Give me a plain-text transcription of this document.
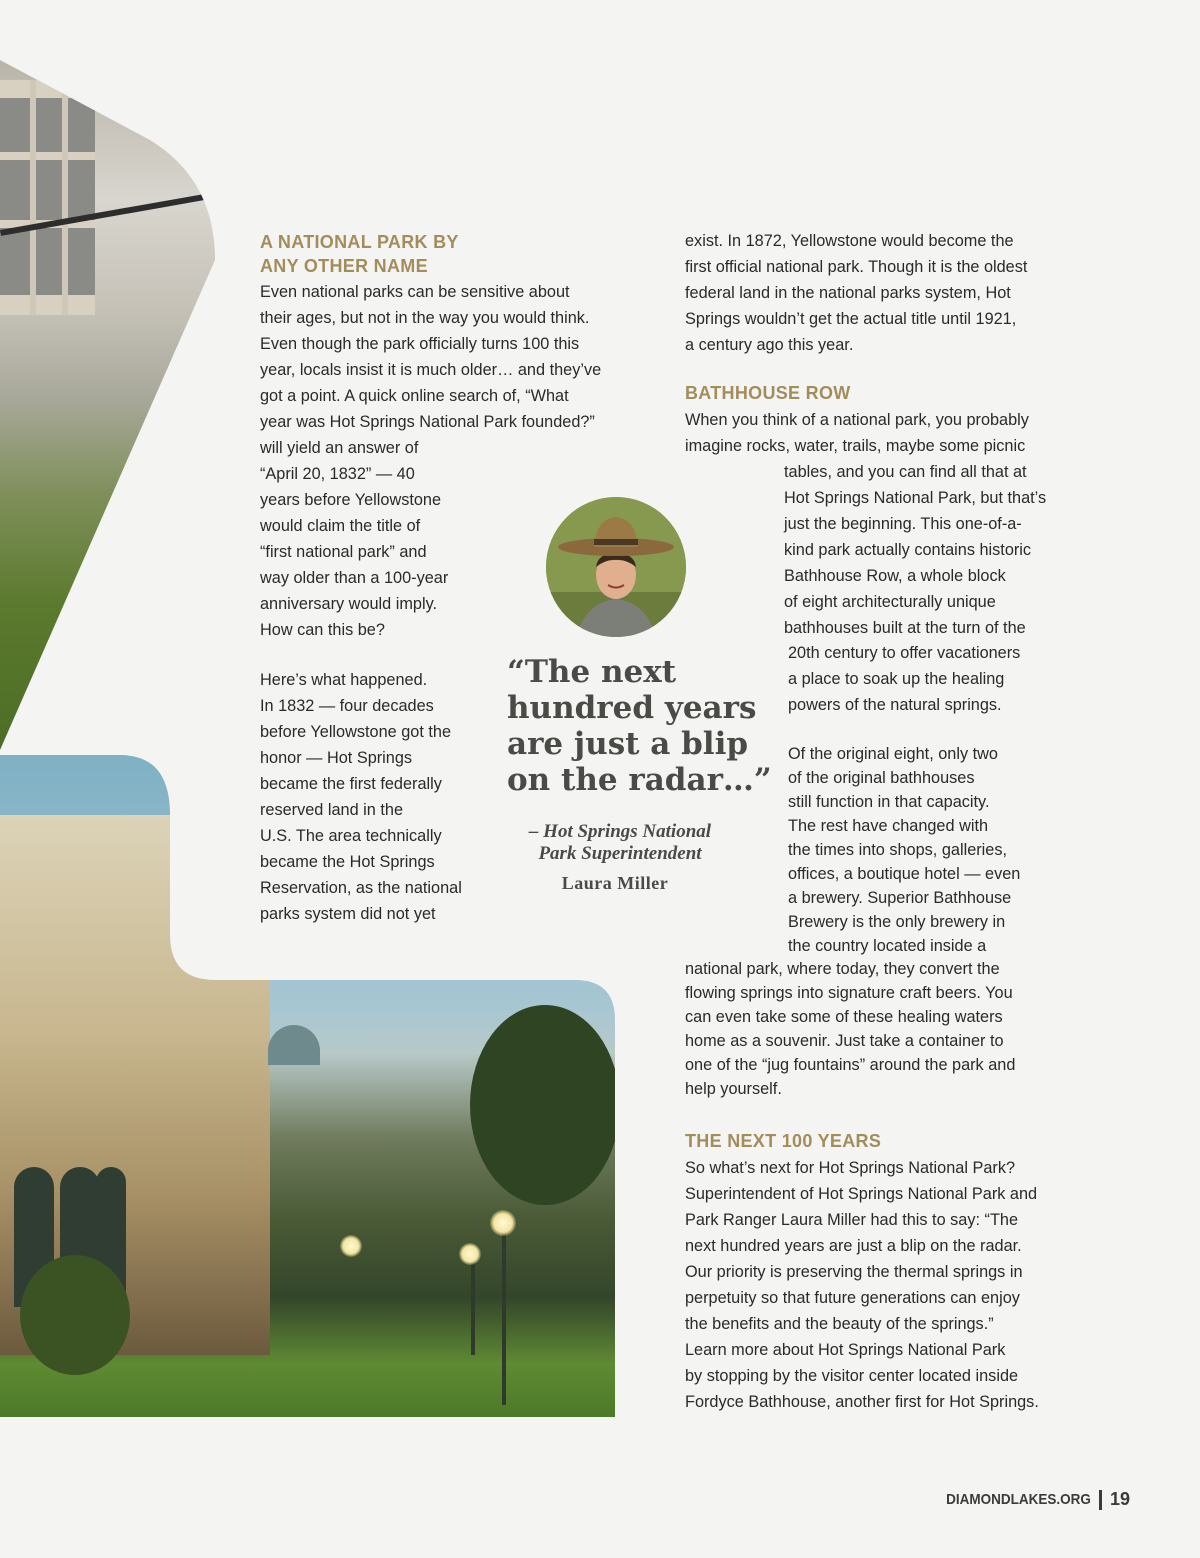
A NATIONAL PARK BY
ANY OTHER NAME

Even national parks can be sensitive about
their ages, but not in the way you would think.
Even though the park officially turns 100 this
year, locals insist it is much older… and they’ve
got a point. A quick online search of, “What
year was Hot Springs National Park founded?”
will yield an answer of
“April 20, 1832” — 40
years before Yellowstone
would claim the title of
“first national park” and
way older than a 100-year
anniversary would imply.
How can this be?

Here’s what happened.
In 1832 — four decades
before Yellowstone got the
honor — Hot Springs
became the first federally
reserved land in the
U.S. The area technically
became the Hot Springs
Reservation, as the national
parks system did not yet

“The next
hundred years
are just a blip
on the radar…”

– Hot Springs National
Park Superintendent

Laura Miller

exist. In 1872, Yellowstone would become the
first official national park. Though it is the oldest
federal land in the national parks system, Hot
Springs wouldn’t get the actual title until 1921,
a century ago this year.

BATHHOUSE ROW

When you think of a national park, you probably
imagine rocks, water, trails, maybe some picnic

tables, and you can find all that at
Hot Springs National Park, but that’s
just the beginning. This one-of-a-
kind park actually contains historic
Bathhouse Row, a whole block
of eight architecturally unique
bathhouses built at the turn of the

20th century to offer vacationers
a place to soak up the healing
powers of the natural springs.

Of the original eight, only two
of the original bathhouses
still function in that capacity.
The rest have changed with
the times into shops, galleries,
offices, a boutique hotel — even
a brewery. Superior Bathhouse
Brewery is the only brewery in
the country located inside a

national park, where today, they convert the
flowing springs into signature craft beers. You
can even take some of these healing waters
home as a souvenir. Just take a container to
one of the “jug fountains” around the park and
help yourself.

THE NEXT 100 YEARS

So what’s next for Hot Springs National Park?
Superintendent of Hot Springs National Park and
Park Ranger Laura Miller had this to say: “The
next hundred years are just a blip on the radar.
Our priority is preserving the thermal springs in
perpetuity so that future generations can enjoy
the benefits and the beauty of the springs.”
Learn more about Hot Springs National Park
by stopping by the visitor center located inside
Fordyce Bathhouse, another first for Hot Springs.

DIAMONDLAKES.ORG 19
